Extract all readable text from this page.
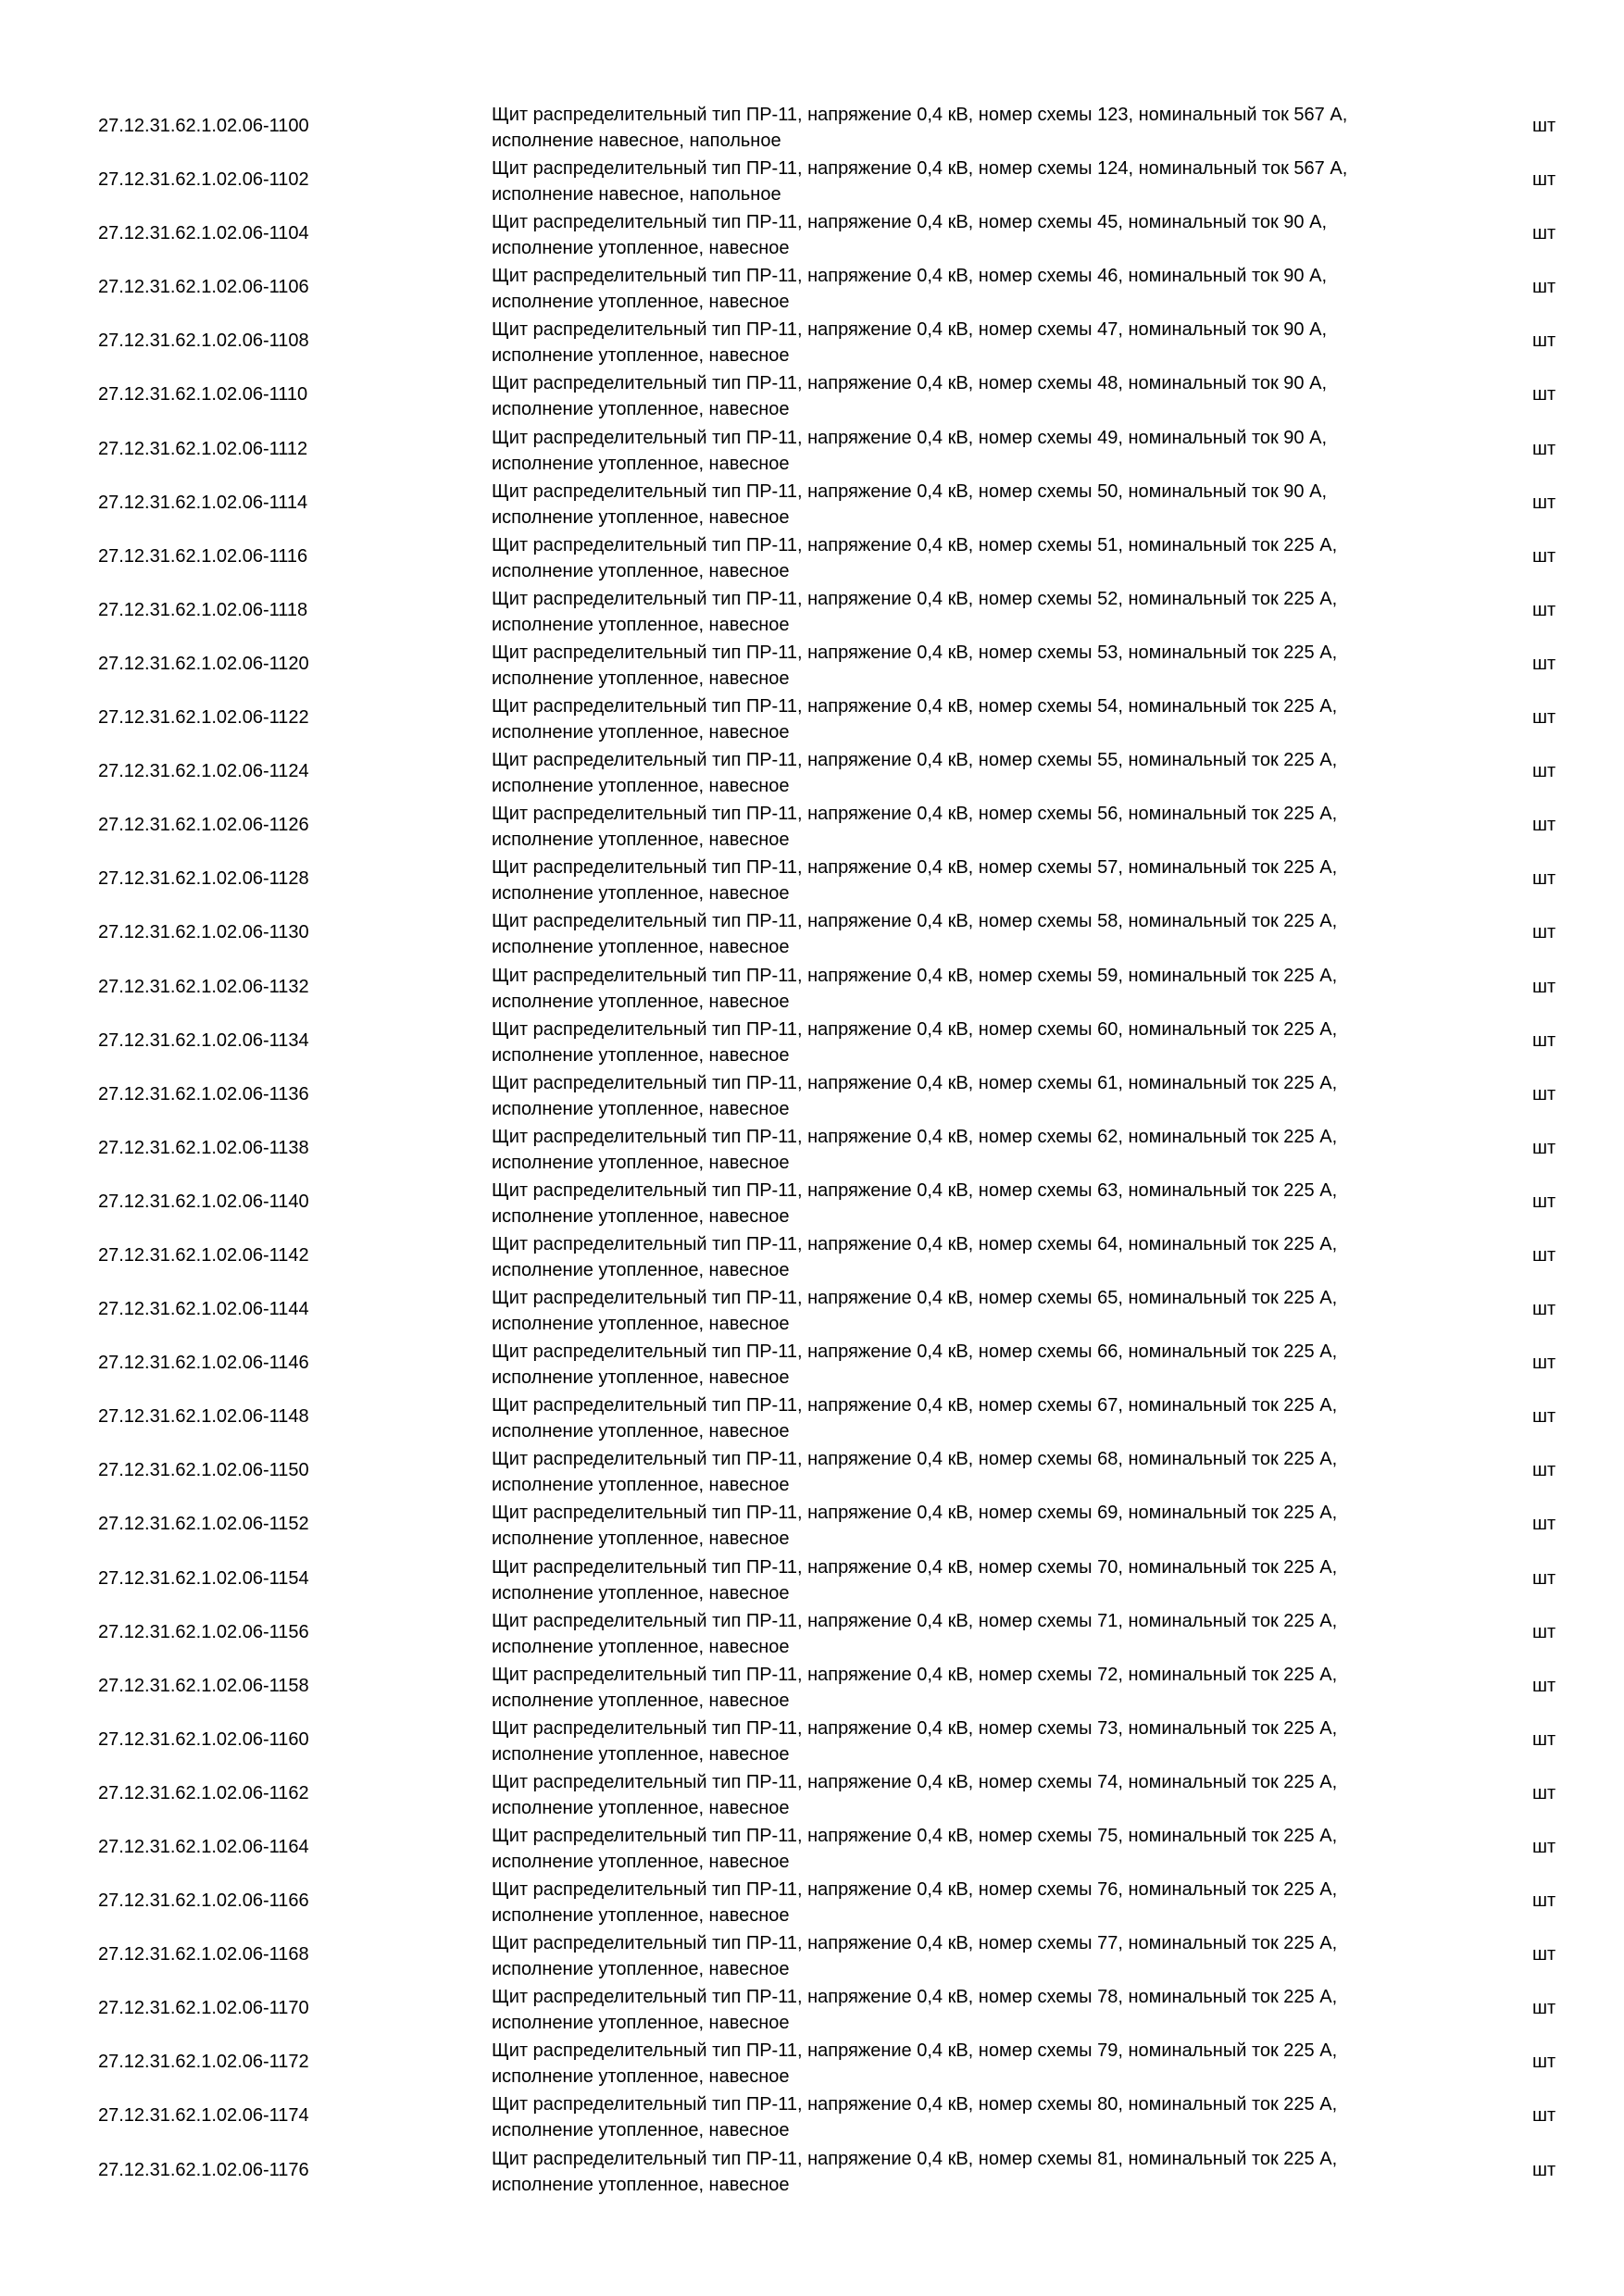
27.12.31.62.1.02.06-1100
Щит распределительный тип ПР-11, напряжение 0,4 кВ, номер схемы 123, номинальный ток 567 А,
исполнение навесное, напольное
шт
27.12.31.62.1.02.06-1102
Щит распределительный тип ПР-11, напряжение 0,4 кВ, номер схемы 124, номинальный ток 567 А,
исполнение навесное, напольное
шт
27.12.31.62.1.02.06-1104
Щит распределительный тип ПР-11, напряжение 0,4 кВ, номер схемы 45, номинальный ток 90 А,
исполнение утопленное, навесное
шт
27.12.31.62.1.02.06-1106
Щит распределительный тип ПР-11, напряжение 0,4 кВ, номер схемы 46, номинальный ток 90 А,
исполнение утопленное, навесное
шт
27.12.31.62.1.02.06-1108
Щит распределительный тип ПР-11, напряжение 0,4 кВ, номер схемы 47, номинальный ток 90 А,
исполнение утопленное, навесное
шт
27.12.31.62.1.02.06-1110
Щит распределительный тип ПР-11, напряжение 0,4 кВ, номер схемы 48, номинальный ток 90 А,
исполнение утопленное, навесное
шт
27.12.31.62.1.02.06-1112
Щит распределительный тип ПР-11, напряжение 0,4 кВ, номер схемы 49, номинальный ток 90 А,
исполнение утопленное, навесное
шт
27.12.31.62.1.02.06-1114
Щит распределительный тип ПР-11, напряжение 0,4 кВ, номер схемы 50, номинальный ток 90 А,
исполнение утопленное, навесное
шт
27.12.31.62.1.02.06-1116
Щит распределительный тип ПР-11, напряжение 0,4 кВ, номер схемы 51, номинальный ток 225 А,
исполнение утопленное, навесное
шт
27.12.31.62.1.02.06-1118
Щит распределительный тип ПР-11, напряжение 0,4 кВ, номер схемы 52, номинальный ток 225 А,
исполнение утопленное, навесное
шт
27.12.31.62.1.02.06-1120
Щит распределительный тип ПР-11, напряжение 0,4 кВ, номер схемы 53, номинальный ток 225 А,
исполнение утопленное, навесное
шт
27.12.31.62.1.02.06-1122
Щит распределительный тип ПР-11, напряжение 0,4 кВ, номер схемы 54, номинальный ток 225 А,
исполнение утопленное, навесное
шт
27.12.31.62.1.02.06-1124
Щит распределительный тип ПР-11, напряжение 0,4 кВ, номер схемы 55, номинальный ток 225 А,
исполнение утопленное, навесное
шт
27.12.31.62.1.02.06-1126
Щит распределительный тип ПР-11, напряжение 0,4 кВ, номер схемы 56, номинальный ток 225 А,
исполнение утопленное, навесное
шт
27.12.31.62.1.02.06-1128
Щит распределительный тип ПР-11, напряжение 0,4 кВ, номер схемы 57, номинальный ток 225 А,
исполнение утопленное, навесное
шт
27.12.31.62.1.02.06-1130
Щит распределительный тип ПР-11, напряжение 0,4 кВ, номер схемы 58, номинальный ток 225 А,
исполнение утопленное, навесное
шт
27.12.31.62.1.02.06-1132
Щит распределительный тип ПР-11, напряжение 0,4 кВ, номер схемы 59, номинальный ток 225 А,
исполнение утопленное, навесное
шт
27.12.31.62.1.02.06-1134
Щит распределительный тип ПР-11, напряжение 0,4 кВ, номер схемы 60, номинальный ток 225 А,
исполнение утопленное, навесное
шт
27.12.31.62.1.02.06-1136
Щит распределительный тип ПР-11, напряжение 0,4 кВ, номер схемы 61, номинальный ток 225 А,
исполнение утопленное, навесное
шт
27.12.31.62.1.02.06-1138
Щит распределительный тип ПР-11, напряжение 0,4 кВ, номер схемы 62, номинальный ток 225 А,
исполнение утопленное, навесное
шт
27.12.31.62.1.02.06-1140
Щит распределительный тип ПР-11, напряжение 0,4 кВ, номер схемы 63, номинальный ток 225 А,
исполнение утопленное, навесное
шт
27.12.31.62.1.02.06-1142
Щит распределительный тип ПР-11, напряжение 0,4 кВ, номер схемы 64, номинальный ток 225 А,
исполнение утопленное, навесное
шт
27.12.31.62.1.02.06-1144
Щит распределительный тип ПР-11, напряжение 0,4 кВ, номер схемы 65, номинальный ток 225 А,
исполнение утопленное, навесное
шт
27.12.31.62.1.02.06-1146
Щит распределительный тип ПР-11, напряжение 0,4 кВ, номер схемы 66, номинальный ток 225 А,
исполнение утопленное, навесное
шт
27.12.31.62.1.02.06-1148
Щит распределительный тип ПР-11, напряжение 0,4 кВ, номер схемы 67, номинальный ток 225 А,
исполнение утопленное, навесное
шт
27.12.31.62.1.02.06-1150
Щит распределительный тип ПР-11, напряжение 0,4 кВ, номер схемы 68, номинальный ток 225 А,
исполнение утопленное, навесное
шт
27.12.31.62.1.02.06-1152
Щит распределительный тип ПР-11, напряжение 0,4 кВ, номер схемы 69, номинальный ток 225 А,
исполнение утопленное, навесное
шт
27.12.31.62.1.02.06-1154
Щит распределительный тип ПР-11, напряжение 0,4 кВ, номер схемы 70, номинальный ток 225 А,
исполнение утопленное, навесное
шт
27.12.31.62.1.02.06-1156
Щит распределительный тип ПР-11, напряжение 0,4 кВ, номер схемы 71, номинальный ток 225 А,
исполнение утопленное, навесное
шт
27.12.31.62.1.02.06-1158
Щит распределительный тип ПР-11, напряжение 0,4 кВ, номер схемы 72, номинальный ток 225 А,
исполнение утопленное, навесное
шт
27.12.31.62.1.02.06-1160
Щит распределительный тип ПР-11, напряжение 0,4 кВ, номер схемы 73, номинальный ток 225 А,
исполнение утопленное, навесное
шт
27.12.31.62.1.02.06-1162
Щит распределительный тип ПР-11, напряжение 0,4 кВ, номер схемы 74, номинальный ток 225 А,
исполнение утопленное, навесное
шт
27.12.31.62.1.02.06-1164
Щит распределительный тип ПР-11, напряжение 0,4 кВ, номер схемы 75, номинальный ток 225 А,
исполнение утопленное, навесное
шт
27.12.31.62.1.02.06-1166
Щит распределительный тип ПР-11, напряжение 0,4 кВ, номер схемы 76, номинальный ток 225 А,
исполнение утопленное, навесное
шт
27.12.31.62.1.02.06-1168
Щит распределительный тип ПР-11, напряжение 0,4 кВ, номер схемы 77, номинальный ток 225 А,
исполнение утопленное, навесное
шт
27.12.31.62.1.02.06-1170
Щит распределительный тип ПР-11, напряжение 0,4 кВ, номер схемы 78, номинальный ток 225 А,
исполнение утопленное, навесное
шт
27.12.31.62.1.02.06-1172
Щит распределительный тип ПР-11, напряжение 0,4 кВ, номер схемы 79, номинальный ток 225 А,
исполнение утопленное, навесное
шт
27.12.31.62.1.02.06-1174
Щит распределительный тип ПР-11, напряжение 0,4 кВ, номер схемы 80, номинальный ток 225 А,
исполнение утопленное, навесное
шт
27.12.31.62.1.02.06-1176
Щит распределительный тип ПР-11, напряжение 0,4 кВ, номер схемы 81, номинальный ток 225 А,
исполнение утопленное, навесное
шт
